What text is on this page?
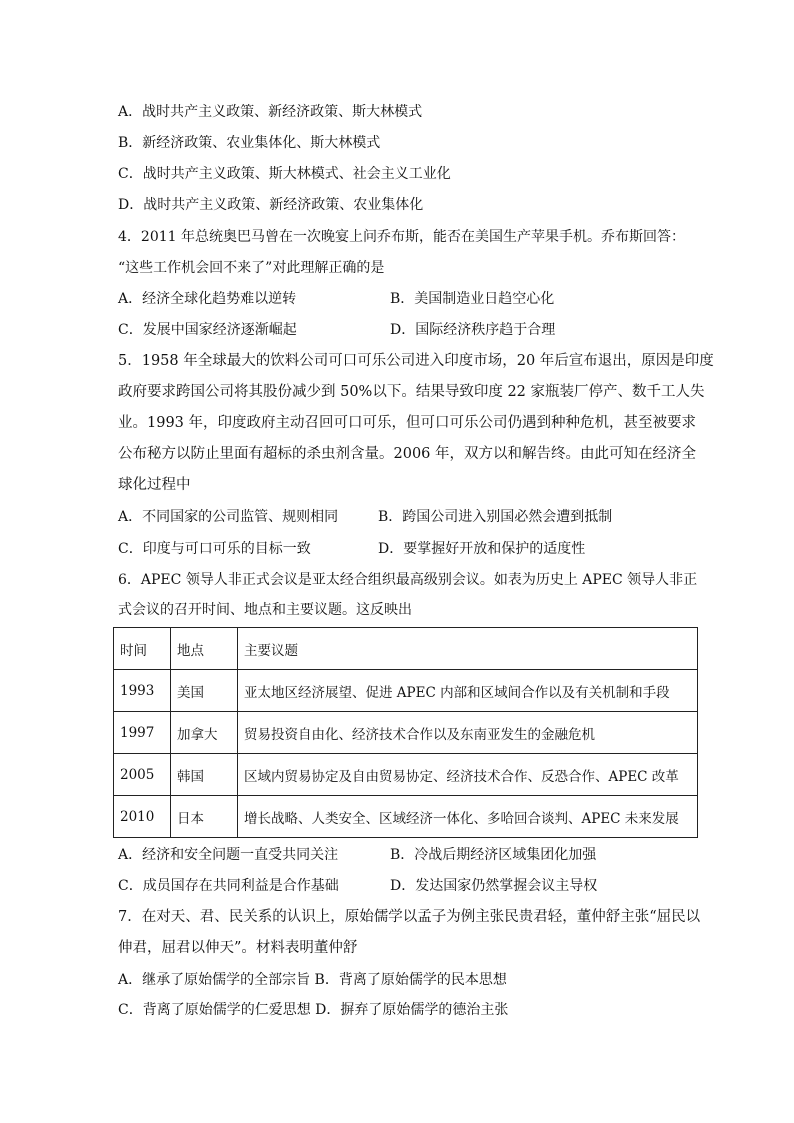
A．战时共产主义政策、新经济政策、斯大林模式
B．新经济政策、农业集体化、斯大林模式
C．战时共产主义政策、斯大林模式、社会主义工业化
D．战时共产主义政策、新经济政策、农业集体化
4．2011 年总统奥巴马曾在一次晚宴上问乔布斯，能否在美国生产苹果手机。乔布斯回答：
“这些工作机会回不来了”对此理解正确的是
A．经济全球化趋势难以逆转	B．美国制造业日趋空心化
C．发展中国家经济逐渐崛起	D．国际经济秩序趋于合理
5．1958 年全球最大的饮料公司可口可乐公司进入印度市场，20 年后宣布退出，原因是印度
政府要求跨国公司将其股份减少到 50%以下。结果导致印度 22 家瓶装厂停产、数千工人失
业。1993 年，印度政府主动召回可口可乐，但可口可乐公司仍遇到种种危机，甚至被要求
公布秘方以防止里面有超标的杀虫剂含量。2006 年，双方以和解告终。由此可知在经济全
球化过程中
A．不同国家的公司监管、规则相同	B．跨国公司进入别国必然会遭到抵制
C．印度与可口可乐的目标一致	D．要掌握好开放和保护的适度性
6．APEC 领导人非正式会议是亚太经合组织最高级别会议。如表为历史上 APEC 领导人非正
式会议的召开时间、地点和主要议题。这反映出
时间	地点	主要议题
1993	美国	亚太地区经济展望、促进 APEC 内部和区域间合作以及有关机制和手段
1997	加拿大	贸易投资自由化、经济技术合作以及东南亚发生的金融危机
2005	韩国	区域内贸易协定及自由贸易协定、经济技术合作、反恐合作、APEC 改革
2010	日本	增长战略、人类安全、区域经济一体化、多哈回合谈判、APEC 未来发展
A．经济和安全问题一直受共同关注	B．冷战后期经济区域集团化加强
C．成员国存在共同利益是合作基础	D．发达国家仍然掌握会议主导权
7．在对天、君、民关系的认识上，原始儒学以孟子为例主张民贵君轻，董仲舒主张“屈民以
伸君，屈君以伸天”。材料表明董仲舒
A．继承了原始儒学的全部宗旨 B．背离了原始儒学的民本思想
C．背离了原始儒学的仁爱思想 D．摒弃了原始儒学的德治主张
